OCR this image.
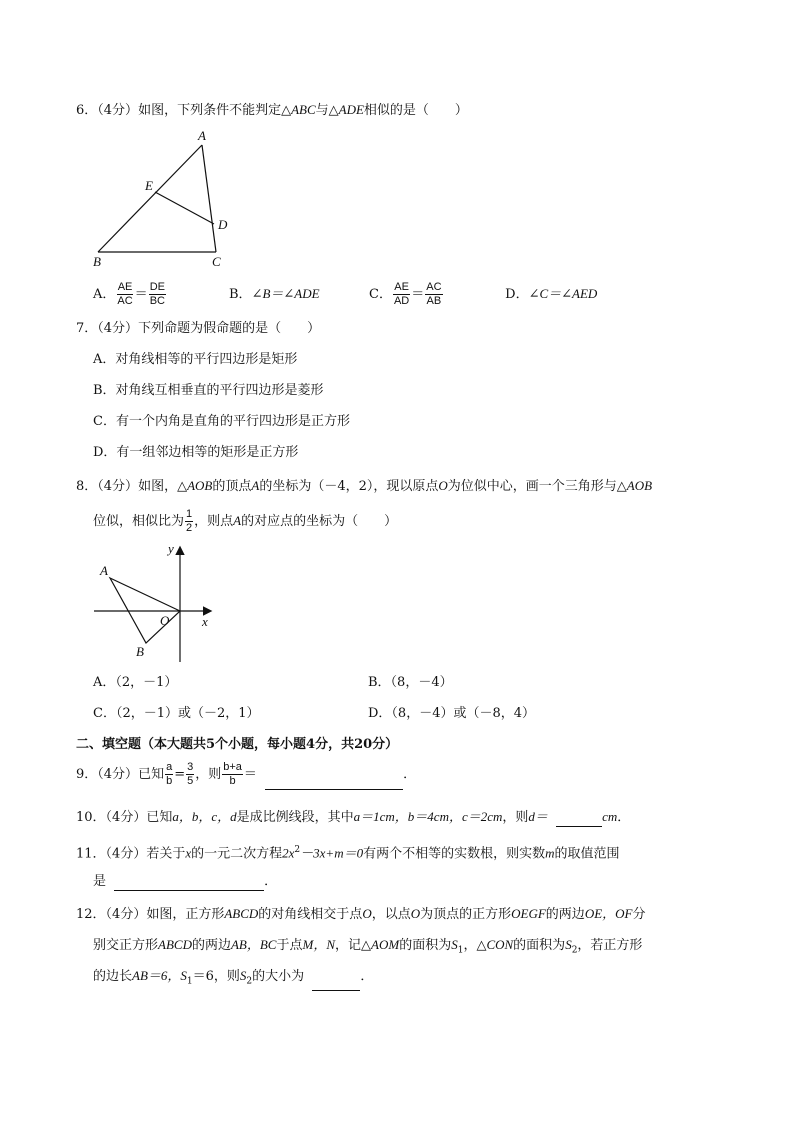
6．（4分）如图，下列条件不能判定△ABC与△ADE相似的是（　　）
A
E
D
B	C
A． $\frac{AE}{AC} = \frac{DE}{BC}$	B．∠B＝∠ADE	C． $\frac{AE}{AD} = \frac{AC}{AB}$	D．∠C＝∠AED
7．（4分）下列命题为假命题的是（　　）
A．对角线相等的平行四边形是矩形
B．对角线互相垂直的平行四边形是菱形
C．有一个内角是直角的平行四边形是正方形
D．有一组邻边相等的矩形是正方形
8．（4分）如图，△AOB的顶点A的坐标为（－4，2），现以原点O为位似中心，画一个三角形与△AOB
位似，相似比为 $\frac{1}{2}$ ，则点A的对应点的坐标为（　　）
y
x
A
O
B
A．（2，－1）	B．（8，－4）
C．（2，－1）或（－2，1）	D．（8，－4）或（－8，4）
二、填空题（本大题共5个小题，每小题4分，共20分）
9．（4分）已知 $\frac{a}{b} = \frac{3}{5}$ ，则 $\frac{b+a}{b}$ ＝	．
10．（4分）已知a，b，c，d是成比例线段，其中a＝1cm，b＝4cm，c＝2cm，则d＝	cm．
11．（4分）若关于x的一元二次方程$2x^2-3x+m=0$有两个不相等的实数根，则实数m的取值范围
是	．
12．（4分）如图，正方形ABCD的对角线相交于点O，以点O为顶点的正方形OEGF的两边OE，OF分
别交正方形ABCD的两边AB，BC于点M，N，记△AOM的面积为$S_1$，△CON的面积为$S_2$，若正方形
的边长AB＝6，$S_1=6$，则$S_2$的大小为	．
